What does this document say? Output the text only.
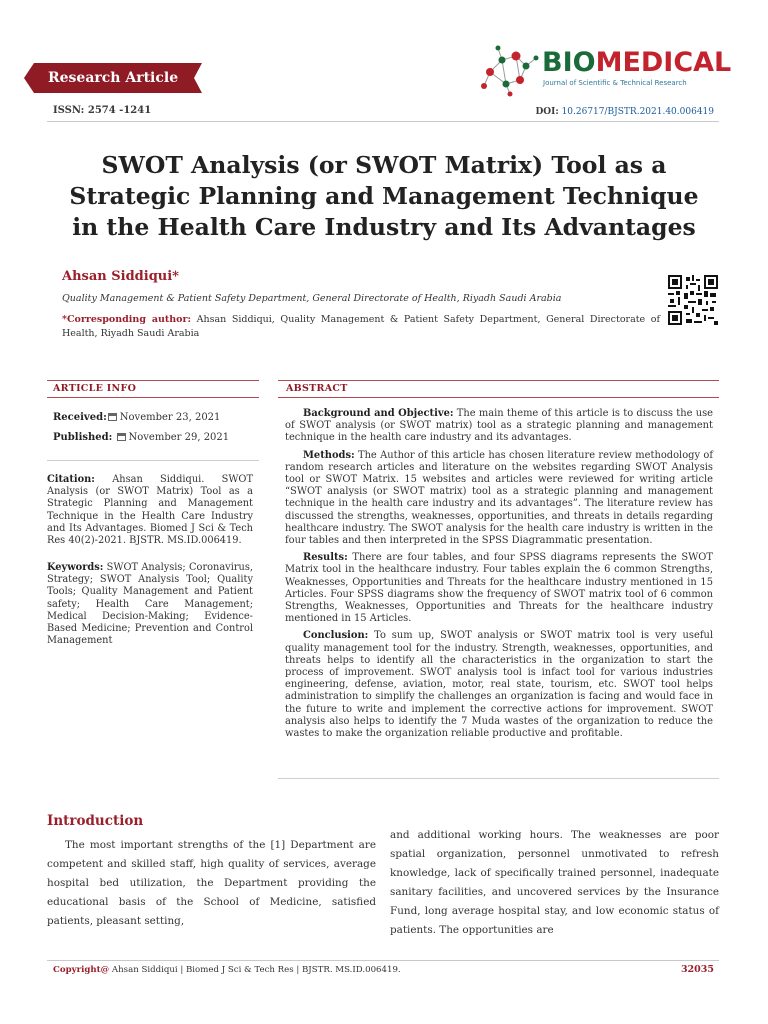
Research Article	BIOMEDICAL
Journal of Scientific & Technical Research
ISSN: 2574 -1241	DOI: 10.26717/BJSTR.2021.40.006419
SWOT Analysis (or SWOT Matrix) Tool as a Strategic Planning and Management Technique in the Health Care Industry and Its Advantages
Ahsan Siddiqui*
Quality Management & Patient Safety Department, General Directorate of Health, Riyadh Saudi Arabia
*Corresponding author: Ahsan Siddiqui, Quality Management & Patient Safety Department, General Directorate of Health, Riyadh Saudi Arabia
ARTICLE INFO
Received: November 23, 2021
Published: November 29, 2021
Citation: Ahsan Siddiqui. SWOT Analysis (or SWOT Matrix) Tool as a Strategic Planning and Management Technique in the Health Care Industry and Its Advantages. Biomed J Sci & Tech Res 40(2)-2021. BJSTR. MS.ID.006419.
Keywords: SWOT Analysis; Coronavirus, Strategy; SWOT Analysis Tool; Quality Tools; Quality Management and Patient safety; Health Care Management; Medical Decision-Making; Evidence-Based Medicine; Prevention and Control Management
ABSTRACT

Background and Objective: The main theme of this article is to discuss the use of SWOT analysis (or SWOT matrix) tool as a strategic planning and management technique in the health care industry and its advantages.

Methods: The Author of this article has chosen literature review methodology of random research articles and literature on the websites regarding SWOT Analysis tool or SWOT Matrix. 15 websites and articles were reviewed for writing article “SWOT analysis (or SWOT matrix) tool as a strategic planning and management technique in the health care industry and its advantages”. The literature review has discussed the strengths, weaknesses, opportunities, and threats in details regarding healthcare industry. The SWOT analysis for the health care industry is written in the four tables and then interpreted in the SPSS Diagrammatic presentation.

Results: There are four tables, and four SPSS diagrams represents the SWOT Matrix tool in the healthcare industry. Four tables explain the 6 common Strengths, Weaknesses, Opportunities and Threats for the healthcare industry mentioned in 15 Articles. Four SPSS diagrams show the frequency of SWOT matrix tool of 6 common Strengths, Weaknesses, Opportunities and Threats for the healthcare industry mentioned in 15 Articles.

Conclusion: To sum up, SWOT analysis or SWOT matrix tool is very useful quality management tool for the industry. Strength, weaknesses, opportunities, and threats helps to identify all the characteristics in the organization to start the process of improvement. SWOT analysis tool is infact tool for various industries engineering, defense, aviation, motor, real state, tourism, etc. SWOT tool helps administration to simplify the challenges an organization is facing and would face in the future to write and implement the corrective actions for improvement. SWOT analysis also helps to identify the 7 Muda wastes of the organization to reduce the wastes to make the organization reliable productive and profitable.

Introduction

The most important strengths of the [1] Department are competent and skilled staff, high quality of services, average hospital bed utilization, the Department providing the educational basis of the School of Medicine, satisfied patients, pleasant setting,

and additional working hours. The weaknesses are poor spatial organization, personnel unmotivated to refresh knowledge, lack of specifically trained personnel, inadequate sanitary facilities, and uncovered services by the Insurance Fund, long average hospital stay, and low economic status of patients. The opportunities are

Copyright@ Ahsan Siddiqui | Biomed J Sci & Tech Res | BJSTR. MS.ID.006419.	32035
